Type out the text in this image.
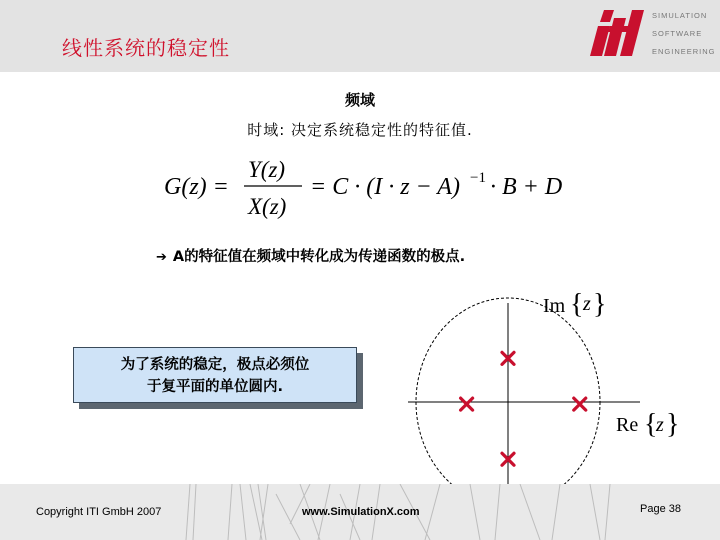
线性系统的稳定性
SIMULATION
SOFTWARE
ENGINEERING
频域
时域: 决定系统稳定性的特征值.
G(z) =
Y(z)
X(z)
= C · (I · z − A) −1 · B + D
➔ A的特征值在频域中转化成为传递函数的极点.
为了系统的稳定，极点必须位
于复平面的单位圆内.
Im { z }
Re {
z }
Copyright ITI GmbH 2007	www.SimulationX.com	Page 38
